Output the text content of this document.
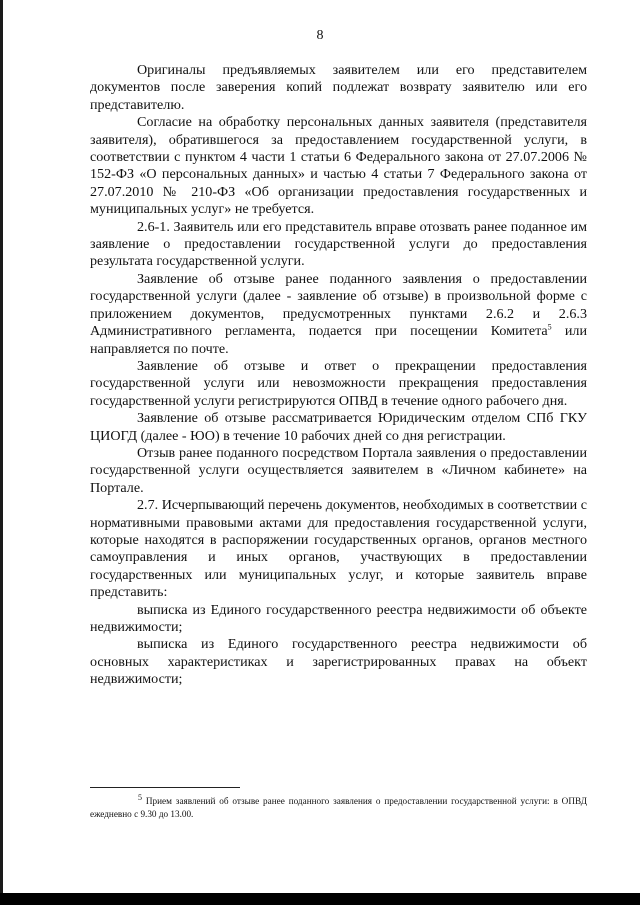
8

Оригиналы предъявляемых заявителем или его представителем документов после заверения копий подлежат возврату заявителю или его представителю.

Согласие на обработку персональных данных заявителя (представителя заявителя), обратившегося за предоставлением государственной услуги, в соответствии с пунктом 4 части 1 статьи 6 Федерального закона от 27.07.2006 № 152-ФЗ «О персональных данных» и частью 4 статьи 7 Федерального закона от 27.07.2010 № 210-ФЗ «Об организации предоставления государственных и муниципальных услуг» не требуется.

2.6-1. Заявитель или его представитель вправе отозвать ранее поданное им заявление о предоставлении государственной услуги до предоставления результата государственной услуги.

Заявление об отзыве ранее поданного заявления о предоставлении государственной услуги (далее - заявление об отзыве) в произвольной форме с приложением документов, предусмотренных пунктами 2.6.2 и 2.6.3 Административного регламента, подается при посещении Комитета$^5$ или направляется по почте.

Заявление об отзыве и ответ о прекращении предоставления государственной услуги или невозможности прекращения предоставления государственной услуги регистрируются ОПВД в течение одного рабочего дня.

Заявление об отзыве рассматривается Юридическим отделом СПб ГКУ ЦИОГД (далее - ЮО) в течение 10 рабочих дней со дня регистрации.

Отзыв ранее поданного посредством Портала заявления о предоставлении государственной услуги осуществляется заявителем в «Личном кабинете» на Портале.

2.7. Исчерпывающий перечень документов, необходимых в соответствии с нормативными правовыми актами для предоставления государственной услуги, которые находятся в распоряжении государственных органов, органов местного самоуправления и иных органов, участвующих в предоставлении государственных или муниципальных услуг, и которые заявитель вправе представить:

выписка из Единого государственного реестра недвижимости об объекте недвижимости;

выписка из Единого государственного реестра недвижимости об основных характеристиках и зарегистрированных правах на объект недвижимости;

$^5$ Прием заявлений об отзыве ранее поданного заявления о предоставлении государственной услуги: в ОПВД ежедневно с 9.30 до 13.00.
